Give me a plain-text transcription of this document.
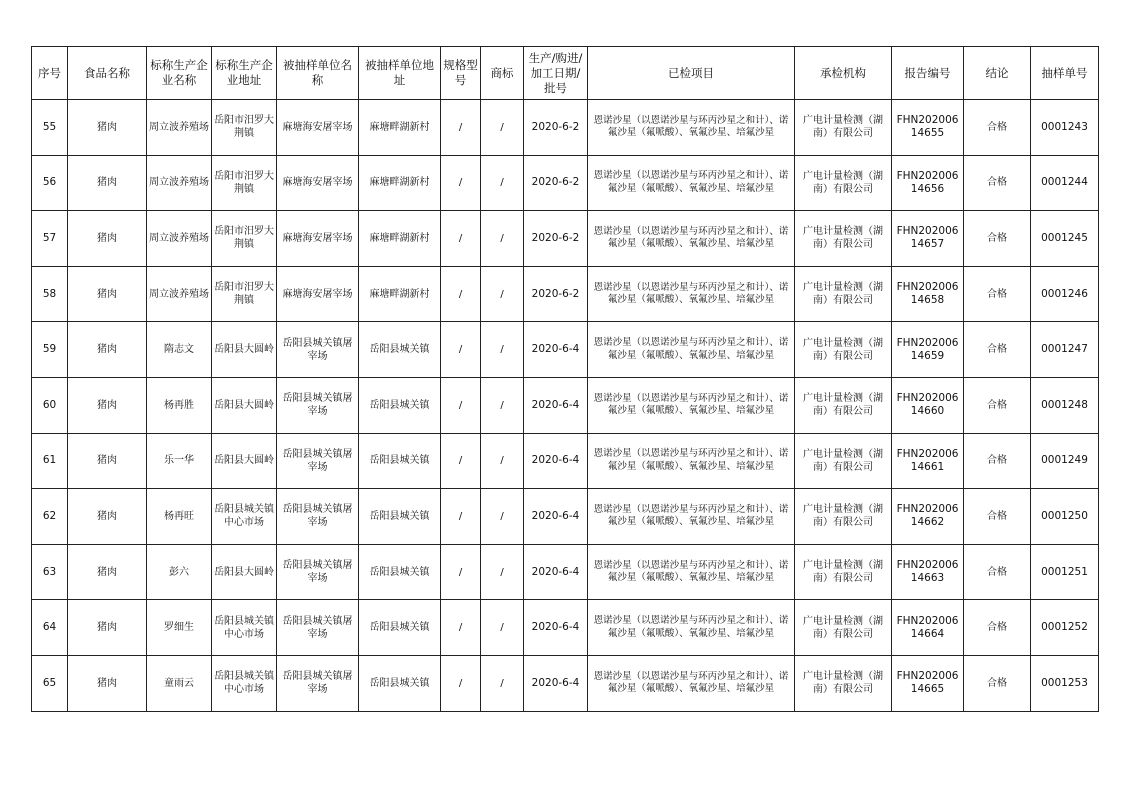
序号	食品名称	标称生产企业名称	标称生产企业地址	被抽样单位名称	被抽样单位地址	规格型号	商标	生产/购进/加工日期/批号	已检项目	承检机构	报告编号	结论	抽样单号
55	猪肉	周立波养殖场	岳阳市汨罗大荆镇	麻塘海安屠宰场	麻塘畔湖新村	/	/	2020-6-2	恩诺沙星（以恩诺沙星与环丙沙星之和计）、诺氟沙星（氟哌酸）、氧氟沙星、培氟沙星	广电计量检测（湖南）有限公司	FHN20200614655	合格	0001243
56	猪肉	周立波养殖场	岳阳市汨罗大荆镇	麻塘海安屠宰场	麻塘畔湖新村	/	/	2020-6-2	恩诺沙星（以恩诺沙星与环丙沙星之和计）、诺氟沙星（氟哌酸）、氧氟沙星、培氟沙星	广电计量检测（湖南）有限公司	FHN20200614656	合格	0001244
57	猪肉	周立波养殖场	岳阳市汨罗大荆镇	麻塘海安屠宰场	麻塘畔湖新村	/	/	2020-6-2	恩诺沙星（以恩诺沙星与环丙沙星之和计）、诺氟沙星（氟哌酸）、氧氟沙星、培氟沙星	广电计量检测（湖南）有限公司	FHN20200614657	合格	0001245
58	猪肉	周立波养殖场	岳阳市汨罗大荆镇	麻塘海安屠宰场	麻塘畔湖新村	/	/	2020-6-2	恩诺沙星（以恩诺沙星与环丙沙星之和计）、诺氟沙星（氟哌酸）、氧氟沙星、培氟沙星	广电计量检测（湖南）有限公司	FHN20200614658	合格	0001246
59	猪肉	隋志文	岳阳县大圆岭	岳阳县城关镇屠宰场	岳阳县城关镇	/	/	2020-6-4	恩诺沙星（以恩诺沙星与环丙沙星之和计）、诺氟沙星（氟哌酸）、氧氟沙星、培氟沙星	广电计量检测（湖南）有限公司	FHN20200614659	合格	0001247
60	猪肉	杨再胜	岳阳县大圆岭	岳阳县城关镇屠宰场	岳阳县城关镇	/	/	2020-6-4	恩诺沙星（以恩诺沙星与环丙沙星之和计）、诺氟沙星（氟哌酸）、氧氟沙星、培氟沙星	广电计量检测（湖南）有限公司	FHN20200614660	合格	0001248
61	猪肉	乐一华	岳阳县大圆岭	岳阳县城关镇屠宰场	岳阳县城关镇	/	/	2020-6-4	恩诺沙星（以恩诺沙星与环丙沙星之和计）、诺氟沙星（氟哌酸）、氧氟沙星、培氟沙星	广电计量检测（湖南）有限公司	FHN20200614661	合格	0001249
62	猪肉	杨再旺	岳阳县城关镇中心市场	岳阳县城关镇屠宰场	岳阳县城关镇	/	/	2020-6-4	恩诺沙星（以恩诺沙星与环丙沙星之和计）、诺氟沙星（氟哌酸）、氧氟沙星、培氟沙星	广电计量检测（湖南）有限公司	FHN20200614662	合格	0001250
63	猪肉	彭六	岳阳县大圆岭	岳阳县城关镇屠宰场	岳阳县城关镇	/	/	2020-6-4	恩诺沙星（以恩诺沙星与环丙沙星之和计）、诺氟沙星（氟哌酸）、氧氟沙星、培氟沙星	广电计量检测（湖南）有限公司	FHN20200614663	合格	0001251
64	猪肉	罗细生	岳阳县城关镇中心市场	岳阳县城关镇屠宰场	岳阳县城关镇	/	/	2020-6-4	恩诺沙星（以恩诺沙星与环丙沙星之和计）、诺氟沙星（氟哌酸）、氧氟沙星、培氟沙星	广电计量检测（湖南）有限公司	FHN20200614664	合格	0001252
65	猪肉	童雨云	岳阳县城关镇中心市场	岳阳县城关镇屠宰场	岳阳县城关镇	/	/	2020-6-4	恩诺沙星（以恩诺沙星与环丙沙星之和计）、诺氟沙星（氟哌酸）、氧氟沙星、培氟沙星	广电计量检测（湖南）有限公司	FHN20200614665	合格	0001253
